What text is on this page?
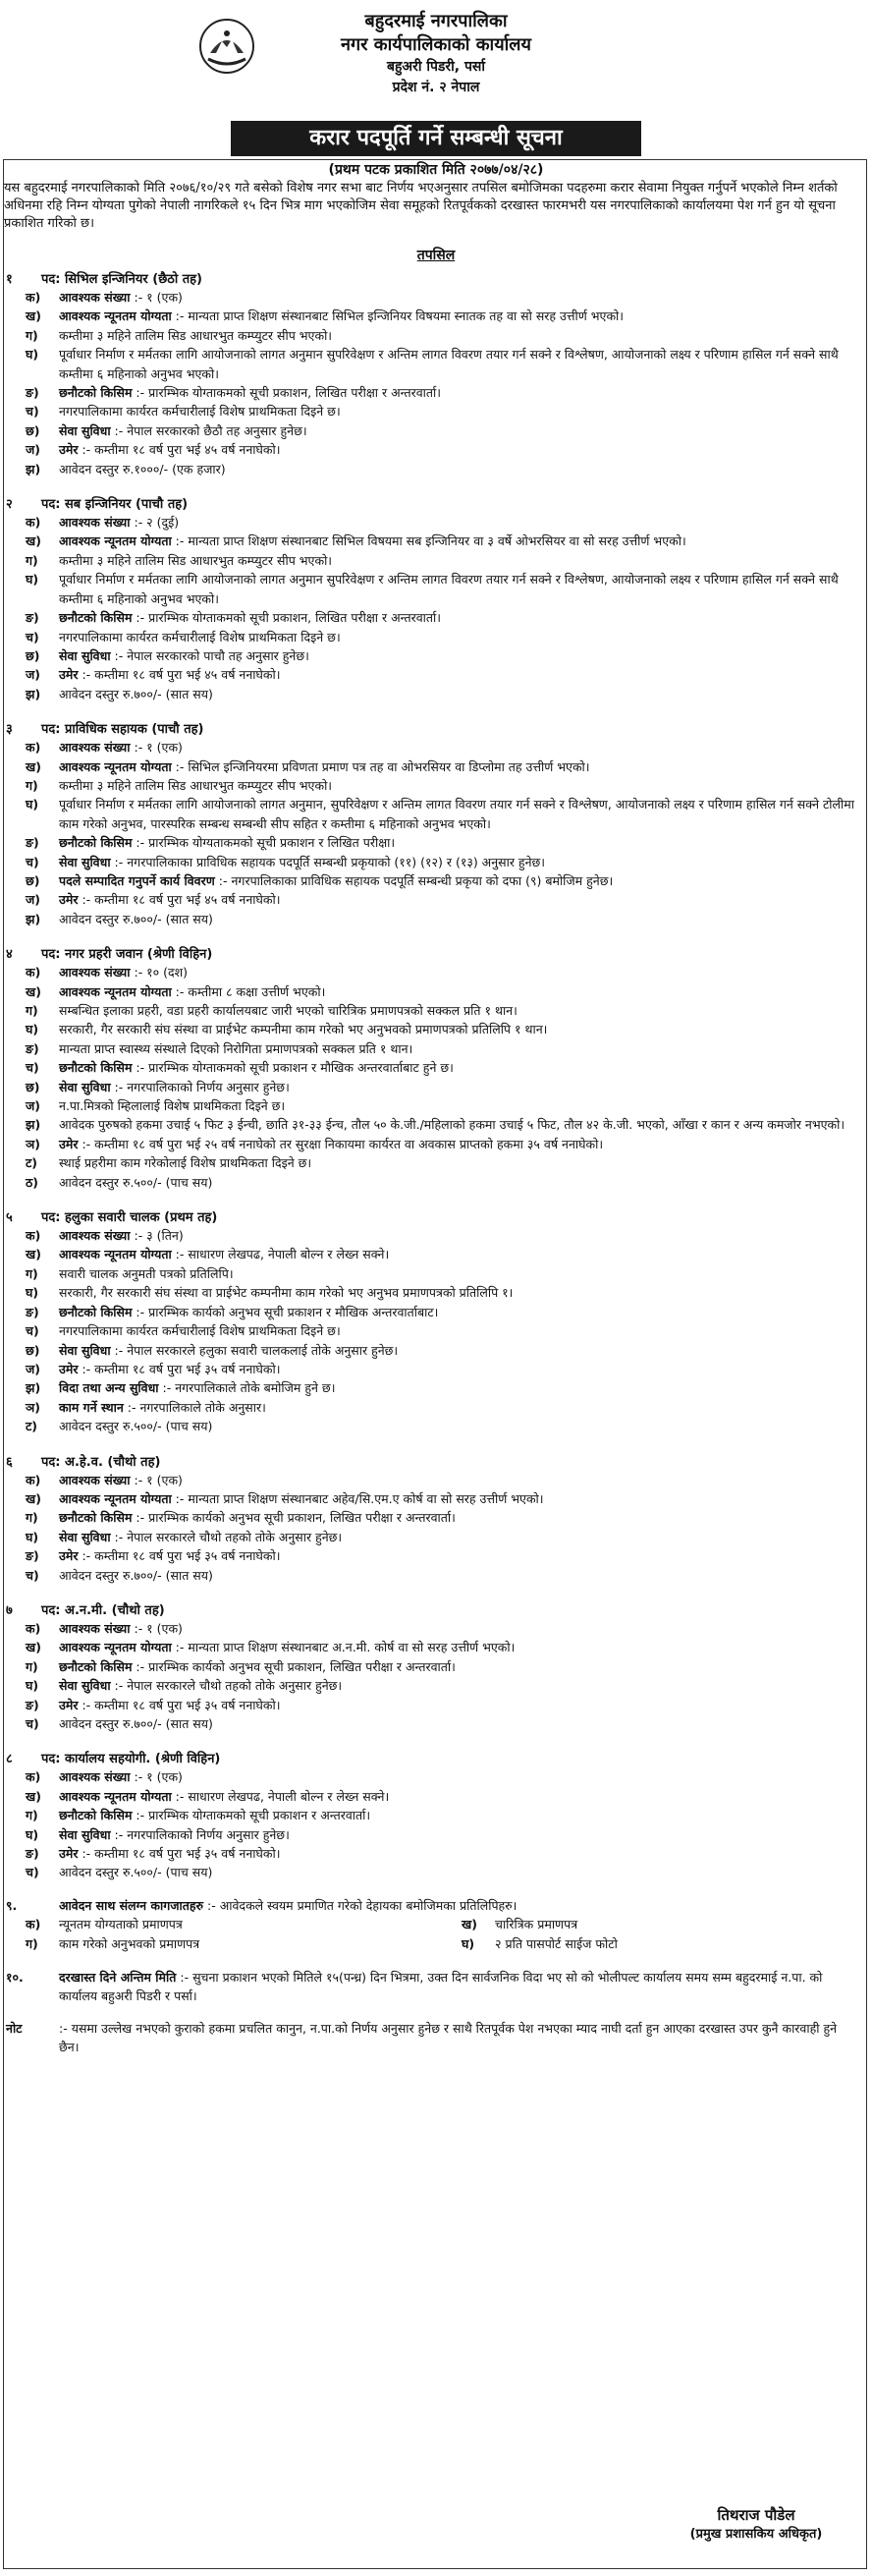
बहुदरमाई नगरपालिका
नगर कार्यपालिकाको कार्यालय
बहुअरी पिडरी, पर्सा
प्रदेश नं. २ नेपाल
करार पदपूर्ति गर्ने सम्बन्धी सूचना
(प्रथम पटक प्रकाशित मिति २०७७/०४/२८)
यस बहुदरमाई नगरपालिकाको मिति २०७६/१०/२९ गते बसेको विशेष नगर सभा बाट निर्णय भएअनुसार तपसिल बमोजिमका पदहरुमा करार सेवामा नियुक्त गर्नुपर्ने भएकोले निम्न शर्तको अधिनमा रहि निम्न योग्यता पुगेको नेपाली नागरिकले १५ दिन भित्र माग भएकोजिम सेवा समूहको रितपूर्वकको दरखास्त फारमभरी यस नगरपालिकाको कार्यालयमा पेश गर्न हुन यो सूचना प्रकाशित गरिको छ।
तपसिल
१ पद: सिभिल इन्जिनियर (छैठो तह)
क) आवश्यक संख्या :- १ (एक)
ख) आवश्यक न्यूनतम योग्यता :- मान्यता प्राप्त शिक्षण संस्थानबाट सिभिल इन्जिनियर विषयमा स्नातक तह वा सो सरह उत्तीर्ण भएको।
ग) कम्तीमा ३ महिने तालिम सिड आधारभुत कम्प्युटर सीप भएको।
घ) पूर्वाधार निर्माण र मर्मतका लागि आयोजनाको लागत अनुमान सुपरिवेक्षण र अन्तिम लागत विवरण तयार गर्न सक्ने र विश्लेषण, आयोजनाको लक्ष्य र परिणाम हासिल गर्न सक्ने साथै कम्तीमा ६ महिनाको अनुभव भएको।
ङ) छनौटको किसिम :- प्रारम्भिक योग्ताकमको सूची प्रकाशन, लिखित परीक्षा र अन्तरवार्ता।
च) नगरपालिकामा कार्यरत कर्मचारीलाई विशेष प्राथमिकता दिइने छ।
छ) सेवा सुविधा :- नेपाल सरकारको छैठौ तह अनुसार हुनेछ।
ज) उमेर :- कम्तीमा १८ वर्ष पुरा भई ४५ वर्ष ननाघेको।
झ) आवेदन दस्तुर रु.१०००/- (एक हजार)
२ पद: सब इन्जिनियर (पाचौ तह)
क) आवश्यक संख्या :- २ (दुई)
ख) आवश्यक न्यूनतम योग्यता :- मान्यता प्राप्त शिक्षण संस्थानबाट सिभिल विषयमा सब इन्जिनियर वा ३ वर्षे ओभरसियर वा सो सरह उत्तीर्ण भएको।
ग) कम्तीमा ३ महिने तालिम सिड आधारभुत कम्प्युटर सीप भएको।
घ) पूर्वाधार निर्माण र मर्मतका लागि आयोजनाको लागत अनुमान सुपरिवेक्षण र अन्तिम लागत विवरण तयार गर्न सक्ने र विश्लेषण, आयोजनाको लक्ष्य र परिणाम हासिल गर्न सक्ने साथै कम्तीमा ६ महिनाको अनुभव भएको।
ङ) छनौटको किसिम :- प्रारम्भिक योग्ताकमको सूची प्रकाशन, लिखित परीक्षा र अन्तरवार्ता।
च) नगरपालिकामा कार्यरत कर्मचारीलाई विशेष प्राथमिकता दिइने छ।
छ) सेवा सुविधा :- नेपाल सरकारको पाचौ तह अनुसार हुनेछ।
ज) उमेर :- कम्तीमा १८ वर्ष पुरा भई ४५ वर्ष ननाघेको।
झ) आवेदन दस्तुर रु.७००/- (सात सय)
३ पद: प्राविधिक सहायक (पाचौ तह)
क) आवश्यक संख्या :- १ (एक)
ख) आवश्यक न्यूनतम योग्यता :- सिभिल इन्जिनियरमा प्रविणता प्रमाण पत्र तह वा ओभरसियर वा डिप्लोमा तह उत्तीर्ण भएको।
ग) कम्तीमा ३ महिने तालिम सिड आधारभुत कम्प्युटर सीप भएको।
घ) पूर्वाधार निर्माण र मर्मतका लागि आयोजनाको लागत अनुमान, सुपरिवेक्षण र अन्तिम लागत विवरण तयार गर्न सक्ने र विश्लेषण, आयोजनाको लक्ष्य र परिणाम हासिल गर्न सक्ने टोलीमा काम गरेको अनुभव, पारस्परिक सम्बन्ध सम्बन्धी सीप सहित र कम्तीमा ६ महिनाको अनुभव भएको।
ङ) छनौटको किसिम :- प्रारम्भिक योग्यताकमको सूची प्रकाशन र लिखित परीक्षा।
च) सेवा सुविधा :- नगरपालिकाका प्राविधिक सहायक पदपूर्ति सम्बन्धी प्रकृयाको (११) (१२) र (१३) अनुसार हुनेछ।
छ) पदले सम्पादित गनुपर्ने कार्य विवरण :- नगरपालिकाका प्राविधिक सहायक पदपूर्ति सम्बन्धी प्रकृया को दफा (९) बमोजिम हुनेछ।
ज) उमेर :- कम्तीमा १८ वर्ष पुरा भई ४५ वर्ष ननाघेको।
झ) आवेदन दस्तुर रु.७००/- (सात सय)
४ पद: नगर प्रहरी जवान (श्रेणी विहिन)
क) आवश्यक संख्या :- १० (दश)
ख) आवश्यक न्यूनतम योग्यता :- कम्तीमा ८ कक्षा उत्तीर्ण भएको।
ग) सम्बन्धित इलाका प्रहरी, वडा प्रहरी कार्यालयबाट जारी भएको चारित्रिक प्रमाणपत्रको सक्कल प्रति १ थान।
घ) सरकारी, गैर सरकारी संघ संस्था वा प्राईभेट कम्पनीमा काम गरेको भए अनुभवको प्रमाणपत्रको प्रतिलिपि १ थान।
ङ) मान्यता प्राप्त स्वास्थ्य संस्थाले दिएको निरोगिता प्रमाणपत्रको सक्कल प्रति १ थान।
च) छनौटको किसिम :- प्रारम्भिक योग्ताकमको सूची प्रकाशन र मौखिक अन्तरवार्ताबाट हुने छ।
छ) सेवा सुविधा :- नगरपालिकाको निर्णय अनुसार हुनेछ।
ज) न.पा.मित्रको म्हिलालाई विशेष प्राथमिकता दिइने छ।
झ) आवेदक पुरुषको हकमा उचाई ५ फिट ३ ईन्ची, छाति ३१-३३ ईन्च, तौल ५० के.जी./महिलाको हकमा उचाई ५ फिट, तौल ४२ के.जी. भएको, आँखा र कान र अन्य कमजोर नभएको।
ञ) उमेर :- कम्तीमा १८ वर्ष पुरा भई २५ वर्ष ननाघेको तर सुरक्षा निकायमा कार्यरत वा अवकास प्राप्तको हकमा ३५ वर्ष ननाघेको।
ट) स्थाई प्रहरीमा काम गरेकोलाई विशेष प्राथमिकता दिइने छ।
ठ) आवेदन दस्तुर रु.५००/- (पाच सय)
५ पद: हलुका सवारी चालक (प्रथम तह)
क) आवश्यक संख्या :- ३ (तिन)
ख) आवश्यक न्यूनतम योग्यता :- साधारण लेखपढ, नेपाली बोल्न र लेख्न सक्ने।
ग) सवारी चालक अनुमती पत्रको प्रतिलिपि।
घ) सरकारी, गैर सरकारी संघ संस्था वा प्राईभेट कम्पनीमा काम गरेको भए अनुभव प्रमाणपत्रको प्रतिलिपि १।
ङ) छनौटको किसिम :- प्रारम्भिक कार्यको अनुभव सूची प्रकाशन र मौखिक अन्तरवार्ताबाट।
च) नगरपालिकामा कार्यरत कर्मचारीलाई विशेष प्राथमिकता दिइने छ।
छ) सेवा सुविधा :- नेपाल सरकारले हलुका सवारी चालकलाई तोके अनुसार हुनेछ।
ज) उमेर :- कम्तीमा १८ वर्ष पुरा भई ३५ वर्ष ननाघेको।
झ) विदा तथा अन्य सुविधा :- नगरपालिकाले तोके बमोजिम हुने छ।
ञ) काम गर्ने स्थान :- नगरपालिकाले तोके अनुसार।
ट) आवेदन दस्तुर रु.५००/- (पाच सय)
६ पद: अ.हे.व. (चौथो तह)
क) आवश्यक संख्या :- १ (एक)
ख) आवश्यक न्यूनतम योग्यता :- मान्यता प्राप्त शिक्षण संस्थानबाट अहेव/सि.एम.ए कोर्ष वा सो सरह उत्तीर्ण भएको।
ग) छनौटको किसिम :- प्रारम्भिक कार्यको अनुभव सूची प्रकाशन, लिखित परीक्षा र अन्तरवार्ता।
घ) सेवा सुविधा :- नेपाल सरकारले चौथो तहको तोके अनुसार हुनेछ।
ङ) उमेर :- कम्तीमा १८ वर्ष पुरा भई ३५ वर्ष ननाघेको।
च) आवेदन दस्तुर रु.७००/- (सात सय)
७ पद: अ.न.मी. (चौथो तह)
क) आवश्यक संख्या :- १ (एक)
ख) आवश्यक न्यूनतम योग्यता :- मान्यता प्राप्त शिक्षण संस्थानबाट अ.न.मी. कोर्ष वा सो सरह उत्तीर्ण भएको।
ग) छनौटको किसिम :- प्रारम्भिक कार्यको अनुभव सूची प्रकाशन, लिखित परीक्षा र अन्तरवार्ता।
घ) सेवा सुविधा :- नेपाल सरकारले चौथो तहको तोके अनुसार हुनेछ।
ङ) उमेर :- कम्तीमा १८ वर्ष पुरा भई ३५ वर्ष ननाघेको।
च) आवेदन दस्तुर रु.७००/- (सात सय)
८ पद: कार्यालय सहयोगी. (श्रेणी विहिन)
क) आवश्यक संख्या :- १ (एक)
ख) आवश्यक न्यूनतम योग्यता :- साधारण लेखपढ, नेपाली बोल्न र लेख्न सक्ने।
ग) छनौटको किसिम :- प्रारम्भिक योग्ताकमको सूची प्रकाशन र अन्तरवार्ता।
घ) सेवा सुविधा :- नगरपालिकाको निर्णय अनुसार हुनेछ।
ङ) उमेर :- कम्तीमा १८ वर्ष पुरा भई ३५ वर्ष ननाघेको।
च) आवेदन दस्तुर रु.५००/- (पाच सय)
९.	आवेदन साथ संलग्न कागजातहरु :- आवेदकले स्वयम प्रमाणित गरेको देहायका बमोजिमका प्रतिलिपिहरु।
क) न्यूनतम योग्यताको प्रमाणपत्र	ख) चारित्रिक प्रमाणपत्र
ग) काम गरेको अनुभवको प्रमाणपत्र	घ) २ प्रति पासपोर्ट साईज फोटो
१०.	दरखास्त दिने अन्तिम मिति :- सुचना प्रकाशन भएको मितिले १५(पन्ध्र) दिन भित्रमा, उक्त दिन सार्वजनिक विदा भए सो को भोलीपल्ट कार्यालय समय सम्म बहुदरमाई न.पा. को कार्यालय बहुअरी पिडरी र पर्सा।
नोट	:- यसमा उल्लेख नभएको कुराको हकमा प्रचलित कानुन, न.पा.को निर्णय अनुसार हुनेछ र साथै रितपूर्वक पेश नभएका म्याद नाघी दर्ता हुन आएका दरखास्त उपर कुनै कारवाही हुने छैन।
तिथराज पौडेल
(प्रमुख प्रशासकिय अधिकृत)
